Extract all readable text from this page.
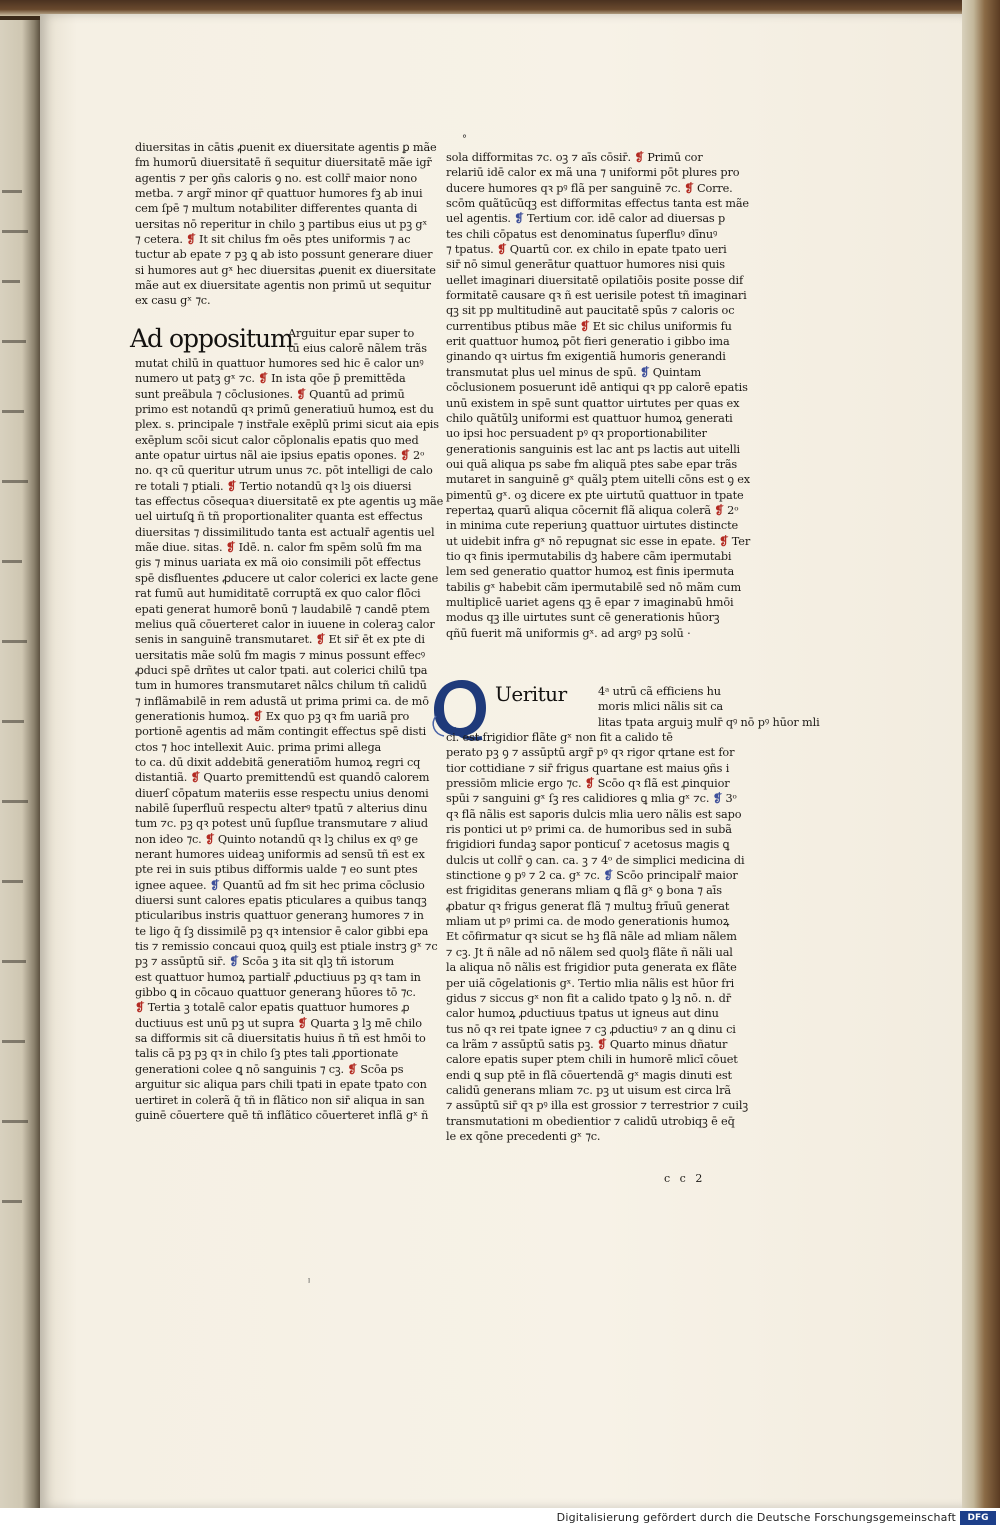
diuersitas in cātis ꝓuenit ex diuersitate agentis ꝑ mãe
fm humorū diuersitatē ñ sequitur diuersitatē mãe igr̃
agentis ⁊ per ꝯñs caloris ꝯ no. est collr̄ maior nono
metba. ⁊ argr̃ minor qr̄ quattuor humores fꝫ ab inui
cem ſpē ⁊ multum notabiliter differentes quanta di
uersitas nō reperitur in chilo ꝫ partibus eius ut pꝫ gˣ
⁊ cetera. ❡ It sit chilus fm oēs ptes uniformis ⁊ ac
tuctur ab epate ⁊ pꝫ ꝗ ab isto possunt generare diuer
si humores aut gˣ hec diuersitas ꝓuenit ex diuersitate
mãe aut ex diuersitate agentis non primū ut sequitur
ex casu gˣ ⁊c.
Ad oppositum
Arguitur epar super to
tū eius calorē nãlem trãs
mutat chilū in quattuor humores sed hic ē calor unꝰ
numero ut patꝫ gˣ ⁊c. ❡ In ista qōe p̄ premittēda
sunt preãbula ⁊ cōclusiones. ❡ Quantū ad primū
primo est notandū qꝛ primū generatiuū humoꝝ est du
plex. s. principale ⁊ instr̄ale exēplū primi sicut aia epis
exēplum scōi sicut calor cōplonalis epatis quo med
ante opatur uirtus nãl aie ipsius epatis opones. ❡
no. qꝛ cū queritur utrum unus ⁊c. pōt intelligi de calo
re totali ⁊ ptiali. ❡ Tertio notandū qꝛ lꝫ ois diuersi
tas effectus cōsequaꝛ diuersitatē ex pte agentis uꝫ mãe
uel uirtuſꝗ ñ tñ proportionaliter quanta est effectus
diuersitas ⁊ dissimilitudo tanta est actualr̄ agentis uel
mãe diue. sitas. ❡ Idē. n. calor fm spēm solū fm ma
gis ⁊ minus uariata ex mã oio consimili pōt effectus
spē disfluentes ꝓducere ut calor colerici ex lacte gene
rat fumū aut humiditatē corruptã ex quo calor flōci
epati generat humorē bonū ⁊ laudabilē ⁊ candē ptem
melius quã cōuerteret calor in iuuene in coleraꝫ calor
senis in sanguinē transmutaret. ❡ Et sir̄ ēt ex pte di
uersitatis mãe solū fm magis ⁊ minus possunt effecꝰ
ꝓduci spē drñtes ut calor tpati. aut colerici chilū tpa
tum in humores transmutaret nãlcs chilum tñ calidū
⁊ inflãmabilē in rem adustã ut prima primi ca. de mō
generationis humoꝝ. ❡ Ex quo pꝫ qꝛ fm uariã pro
portionē agentis ad mãm contingit effectus spē disti
ctos ⁊ hoc intellexit Auic. prima primi allega
to ca. dū dixit addebitã generatiōm humoꝝ regri cq
distantiã. ❡ Quarto premittendū est quandō calorem
diuerſ cōpatum materiis esse respectu unius denomi
nabilē ſuperfluū respectu alterꝰ tpatū ⁊ alterius dinu
tum ⁊c. pꝫ qꝛ potest unū ſupſlue transmutare ⁊ aliud
non ideo ⁊c. ❡ Quinto notandū qꝛ lꝫ chilus ex qꝰ ge
nerant humores uideaꝫ uniformis ad sensū tñ est ex
pte rei in suis ptibus difformis ualde ⁊ eo sunt ptes
ignee aquee. ❡ Quantū ad fm sit hec prima cōclusio
diuersi sunt calores epatis pticulares a quibus tanqꝫ
pticularibus instris quattuor generanꝫ humores ⁊ in
te ligo q̄ ſꝫ dissimilē pꝫ qꝛ intensior ē calor gibbi epa
tis ⁊ remissio concaui quoꝝ quilꝫ est ptiale instrꝫ gˣ ⁊c
pꝫ ⁊ assūptū sir̄. ❡ Scōa ꝫ ita sit qlꝫ tñ istorum
est quattuor humoꝝ partialr̄ ꝓductiuus pꝫ qꝛ tam in
gibbo ꝗ in cōcauo quattuor generanꝫ hūores tō ⁊c.
❡ Tertia ꝫ totalē calor epatis quattuor humores ꝓ
ductiuus est unū pꝫ ut supra ❡ Quarta ꝫ lꝫ mē chilo
sa difformis sit cā diuersitatis huius ñ tñ est hmōi to
talis cā pꝫ pꝫ qꝛ in chilo ſꝫ ptes tali ꝓportionate
generationi colee ꝗ nō sanguinis ⁊ cꝫ. ❡ Scōa ps
arguitur sic aliqua pars chili tpati in epate tpato con
uertiret in colerã q̄ tñ in flãtico non sir̄ aliqua in san
guinē cōuertere quē tñ inflãtico cōuerteret inflã gˣ ñ
sola difformitas ⁊c. oꝫ ⁊ aīs cōsir̄. ❡ Primū cor
relariū idē calor ex mã una ⁊ uniformi pōt plures pro
ducere humores qꝛ pꝰ flã per sanguinē ⁊c. ❡ Corre.
scōm quãtūcūqꝫ est difformitas effectus tanta est mãe
uel agentis. ❡ Tertium cor. idē calor ad diuersas p
tes chili cōpatus est denominatus ſuperfluꝰ dīnuꝰ
⁊ tpatus. ❡ Quartū cor. ex chilo in epate tpato ueri
sir̄ nō simul generātur quattuor humores nisi quis
uellet imaginari diuersitatē opilatiōis posite posse dif
formitatē causare qꝛ ñ est uerisile potest tñ imaginari
qꝫ sit pp multitudinē aut paucitatē spūs ⁊ caloris oc
currentibus ptibus mãe ❡ Et sic chilus uniformis fu
erit quattuor humoꝝ pōt fieri generatio i gibbo ima
ginando qꝛ uirtus fm exigentiã humoris generandi
transmutat plus uel minus de spū. ❡ Quintam
cōclusionem posuerunt idē antiqui qꝛ pp calorē epatis
unū existem in spē sunt quattor uirtutes per quas ex
chilo quãtūlꝫ uniformi est quattuor humoꝝ generati
uo ipsi hoc persuadent pꝰ qꝛ proportionabiliter
generationis sanguinis est lac ant ps lactis aut uitelli
oui quã aliqua ps sabe fm aliquã ptes sabe epar trãs
mutaret in sanguinē gˣ quãlꝫ ptem uitelli cōns est ꝯ ex
pimentū gˣ. oꝫ dicere ex pte uirtutū quattuor in tpate
repertaꝝ quarū aliqua cōcernit flã aliqua colerã ❡
in minima cute reperiunꝫ quattuor uirtutes distincte
ut uidebit infra gˣ nō repugnat sic esse in epate. ❡
tio qꝛ finis ipermutabilis dꝫ habere cãm ipermutabi
lem sed generatio quattor humoꝝ est finis ipermuta
tabilis gˣ habebit cãm ipermutabilē sed nō mãm cum
multiplicē uariet agens qꝫ ē epar ⁊ imaginabū hmōi
modus qꝫ ille uirtutes sunt cē generationis hūorꝫ
qñū fuerit mã uniformis gˣ. ad argꝰ pꝫ solū ·
Ueritur	4ᵃ utrū cã efficiens hu
moris mlici nãlis sit ca
litas tpata arguiꝫ mulr̄ qꝰ nō pꝰ hūor mli
ci. est frigidior flãte gˣ non fit a calido tē
perato pꝫ ꝯ ⁊ assūptū argr̄ pꝰ qꝛ rigor qrtane est for
tior cottidiane ⁊ sir̄ frigus quartane est maius ꝯñs i
pressiōm mlicie ergo ⁊c. ❡ Scōo qꝛ flã est ꝓinquior
spūi ⁊ sanguini gˣ ſꝫ res calidiores ꝗ mlia gˣ ⁊c. ❡
qꝛ flã nãlis est saporis dulcis mlia uero nãlis est sapo
ris pontici ut pꝰ primi ca. de humoribus sed in subã
frigidiori fundaꝫ sapor ponticuſ ⁊ acetosus magis ꝗ
dulcis ut collr̄ ꝯ can. ca. ꝫ ⁊ 4ᵒ de simplici medicina di
stinctione ꝯ pꝰ ⁊ 2 ca. gˣ ⁊c. ❡ Scōo principalr̄ maior
est frigiditas generans mliam ꝗ flã gˣ ꝯ bona ⁊ aīs
ꝓbatur qꝛ frigus generat flã ⁊ multuꝫ frīuū generat
mliam ut pꝰ primi ca. de modo generationis humoꝝ
Et cōfirmatur qꝛ sicut se hꝫ flã nãle ad mliam nãlem
⁊ cꝫ. Jt ñ nãle ad nō nãlem sed quolꝫ flãte ñ nãli ual
la aliqua nō nãlis est frigidior puta generata ex flãte
per uiã cōgelationis gˣ. Tertio mlia nãlis est hūor fri
gidus ⁊ siccus gˣ non fit a calido tpato ꝯ lꝫ nō. n. dr̄
calor humoꝝ ꝓductiuus tpatus ut igneus aut dinu
tus nō qꝛ rei tpate ignee ⁊ cꝫ ꝓductiuꝰ ⁊ an ꝗ dinu ci
ca lrãm ⁊ assūptū satis pꝫ. ❡ Quarto minus dñatur
calore epatis super ptem chili in humorē mlicī cōuet
endi ꝗ sup ptē in flã cōuertendã gˣ magis dinuti est
calidū generans mliam ⁊c. pꝫ ut uisum est circa lrã
⁊ assūptū sir̄ qꝛ pꝰ illa est grossior ⁊ terrestrior ⁊ cuilꝫ
transmutationi m obedientior ⁊ calidū utrobiqꝫ ē eq̄
le ex qōne precedenti gˣ ⁊c.
c c 2
°
ˡ
Digitalisierung gefördert durch die Deutsche Forschungsgemeinschaft	DFG
